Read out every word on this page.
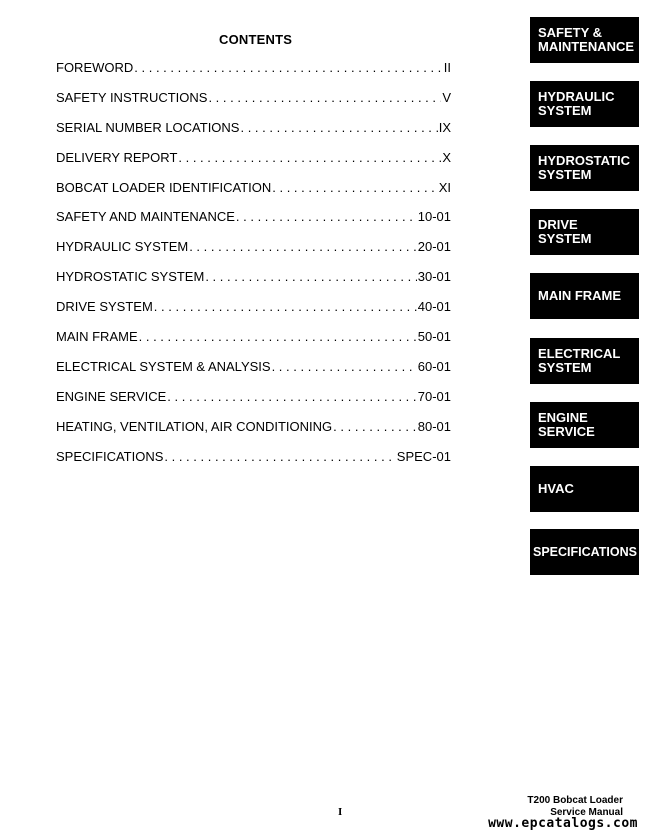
CONTENTS
FOREWORD . . .	II
SAFETY INSTRUCTIONS . . .	V
SERIAL NUMBER LOCATIONS . . .	IX
DELIVERY REPORT . . .	X
BOBCAT LOADER IDENTIFICATION . . .	XI
SAFETY AND MAINTENANCE . . .	10-01
HYDRAULIC SYSTEM . . .	20-01
HYDROSTATIC SYSTEM . . .	30-01
DRIVE SYSTEM . . .	40-01
MAIN FRAME . . .	50-01
ELECTRICAL SYSTEM & ANALYSIS . . .	60-01
ENGINE SERVICE . . .	70-01
HEATING, VENTILATION, AIR CONDITIONING . . .	80-01
SPECIFICATIONS . . .	SPEC-01
SAFETY &
MAINTENANCE
HYDRAULIC
SYSTEM
HYDROSTATIC
SYSTEM
DRIVE
SYSTEM
MAIN FRAME
ELECTRICAL
SYSTEM
ENGINE
SERVICE
HVAC
SPECIFICATIONS
I
T200 Bobcat Loader
Service Manual
www.epcatalogs.com
